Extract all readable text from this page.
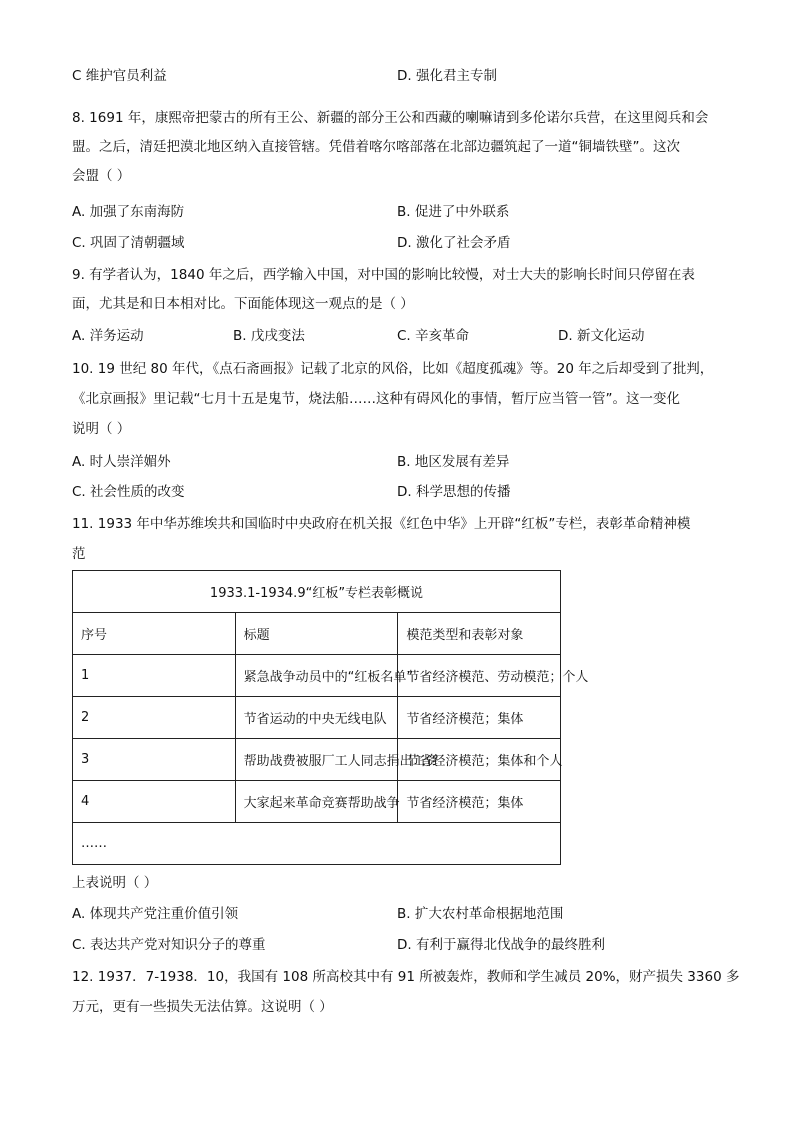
C 维护官员利益	D. 强化君主专制
8. 1691 年，康熙帝把蒙古的所有王公、新疆的部分王公和西藏的喇嘛请到多伦诺尔兵营，在这里阅兵和会
盟。之后，清廷把漠北地区纳入直接管辖。凭借着喀尔喀部落在北部边疆筑起了一道“铜墙铁壁”。这次
会盟（ ）
A. 加强了东南海防	B. 促进了中外联系
C. 巩固了清朝疆域	D. 激化了社会矛盾
9. 有学者认为，1840 年之后，西学输入中国，对中国的影响比较慢，对士大夫的影响长时间只停留在表
面，尤其是和日本相对比。下面能体现这一观点的是（ ）
A. 洋务运动	B. 戊戌变法	C. 辛亥革命	D. 新文化运动
10. 19 世纪 80 年代，《点石斋画报》记载了北京的风俗，比如《超度孤魂》等。20 年之后却受到了批判，
《北京画报》里记载“七月十五是鬼节，烧法船……这种有碍风化的事情，暂厅应当管一管”。这一变化
说明（ ）
A. 时人崇洋媚外	B. 地区发展有差异
C. 社会性质的改变	D. 科学思想的传播
11. 1933 年中华苏维埃共和国临时中央政府在机关报《红色中华》上开辟“红板”专栏，表彰革命精神模
范
1933.1-1934.9“红板”专栏表彰概说		
序号	标题	模范类型和表彰对象
1	紧急战争动员中的“红板名单”	节省经济模范、劳动模范；个人
2	节省运动的中央无线电队	节省经济模范；集体
3	帮助战费被服厂工人同志捐出工资	节省经济模范；集体和个人
4	大家起来革命竞赛帮助战争	节省经济模范；集体
……		
上表说明（ ）
A. 体现共产党注重价值引领	B. 扩大农村革命根据地范围
C. 表达共产党对知识分子的尊重	D. 有利于赢得北伐战争的最终胜利
12. 1937．7-1938．10，我国有 108 所高校其中有 91 所被轰炸，教师和学生减员 20%，财产损失 3360 多
万元，更有一些损失无法估算。这说明（ ）
